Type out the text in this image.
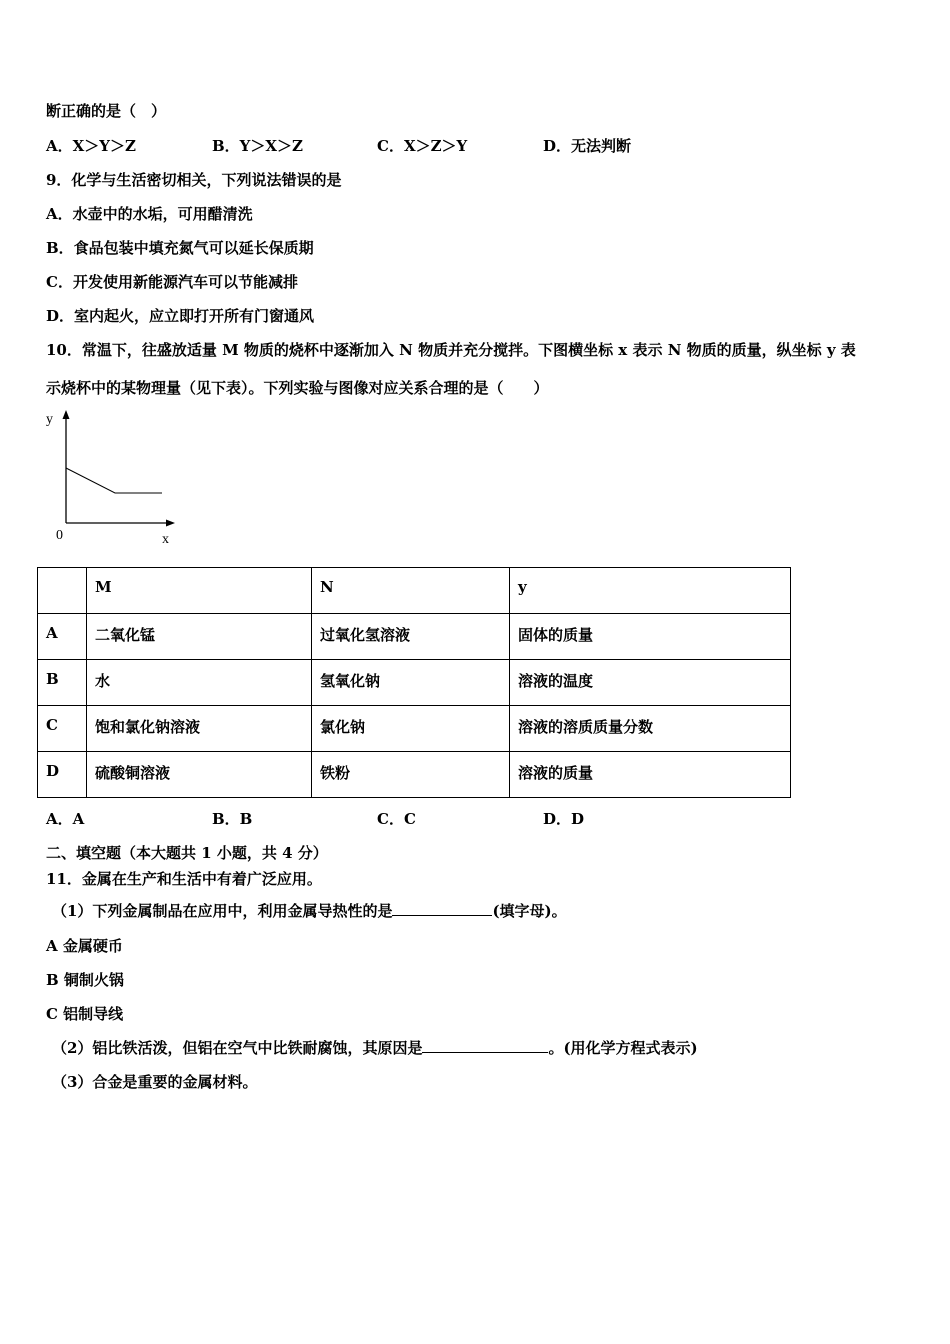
断正确的是（　）
A．X＞Y＞Z	B．Y＞X＞Z	C．X＞Z＞Y	D．无法判断
9．化学与生活密切相关，下列说法错误的是
A．水壶中的水垢，可用醋清洗
B．食品包装中填充氮气可以延长保质期
C．开发使用新能源汽车可以节能减排
D．室内起火，应立即打开所有门窗通风
10．常温下，往盛放适量 M 物质的烧杯中逐渐加入 N 物质并充分搅拌。下图横坐标 x 表示 N 物质的质量，纵坐标 y 表
示烧杯中的某物理量（见下表）。下列实验与图像对应关系合理的是（　　）
y
0	x
	M	N	y
A	二氧化锰	过氧化氢溶液	固体的质量
B	水	氢氧化钠	溶液的温度
C	饱和氯化钠溶液	氯化钠	溶液的溶质质量分数
D	硫酸铜溶液	铁粉	溶液的质量
A．A	B．B	C．C	D．D
二、填空题（本大题共 1 小题，共 4 分）
11．金属在生产和生活中有着广泛应用。
（1）下列金属制品在应用中，利用金属导热性的是	(填字母)。
A 金属硬币
B 铜制火锅
C 铝制导线
（2）铝比铁活泼，但铝在空气中比铁耐腐蚀，其原因是	。(用化学方程式表示)
（3）合金是重要的金属材料。
